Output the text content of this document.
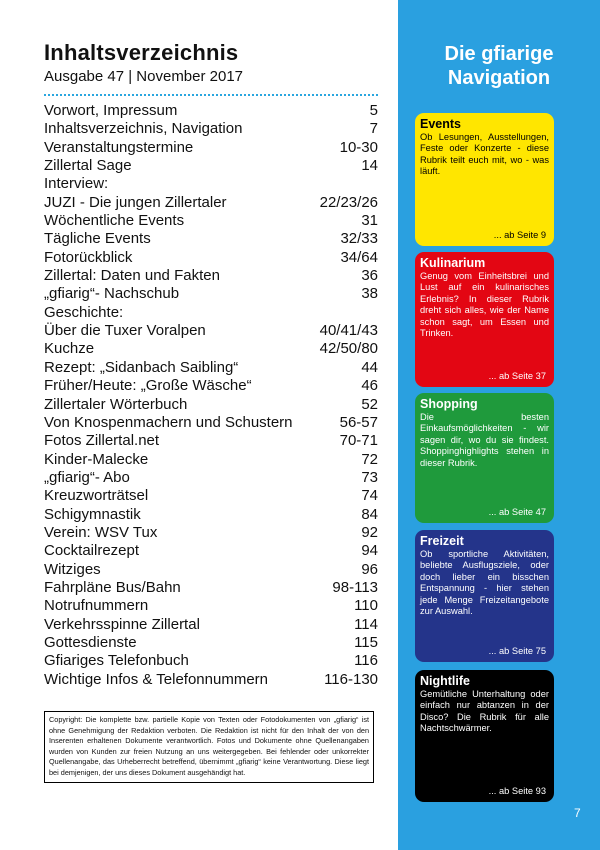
Inhaltsverzeichnis
Ausgabe 47 | November 2017
Vorwort, Impressum	5
Inhaltsverzeichnis, Navigation	7
Veranstaltungstermine	10-30
Zillertal Sage	14
Interview:
JUZI - Die jungen Zillertaler	22/23/26
Wöchentliche Events	31
Tägliche Events	32/33
Fotorückblick	34/64
Zillertal: Daten und Fakten	36
„gfiarig“- Nachschub	38
Geschichte:
Über die Tuxer Voralpen	40/41/43
Kuchze	42/50/80
Rezept: „Sidanbach Saibling“	44
Früher/Heute: „Große Wäsche“	46
Zillertaler Wörterbuch	52
Von Knospenmachern und Schustern	56-57
Fotos Zillertal.net	70-71
Kinder-Malecke	72
„gfiarig“- Abo	73
Kreuzworträtsel	74
Schigymnastik	84
Verein: WSV Tux	92
Cocktailrezept	94
Witziges	96
Fahrpläne Bus/Bahn	98-113
Notrufnummern	110
Verkehrsspinne Zillertal	114
Gottesdienste	115
Gfiariges Telefonbuch	116
Wichtige Infos & Telefonnummern	116-130
Copyright: Die komplette bzw. partielle Kopie von Texten oder Fotodokumenten von „gfiarig“ ist ohne Genehmigung der Redaktion verboten. Die Redaktion ist nicht für den Inhalt der von den Inserenten erhaltenen Dokumente verantwortlich. Fotos und Dokumente ohne Quellenangaben wurden von Kunden zur freien Nutzung an uns weitergegeben. Bei fehlender oder unkorrekter Quellenangabe, das Urheberrecht betreffend, übernimmt „gfiarig“ keine Verantwortung. Diese liegt bei demjenigen, der uns dieses Dokument ausgehändigt hat.
Die gfiarige
Navigation
Events
Ob Lesungen, Ausstellungen, Feste oder Konzerte - diese Rubrik teilt euch mit, wo - was läuft.
... ab Seite 9
Kulinarium
Genug vom Einheitsbrei und Lust auf ein kulinarisches Erlebnis? In dieser Rubrik dreht sich alles, wie der Name schon sagt, um Essen und Trinken.
... ab Seite 37
Shopping
Die besten Einkaufsmöglichkeiten - wir sagen dir, wo du sie findest. Shoppinghighlights stehen in dieser Rubrik.
... ab Seite 47
Freizeit
Ob sportliche Aktivitäten, beliebte Ausflugsziele, oder doch lieber ein bisschen Entspannung - hier stehen jede Menge Freizeitangebote zur Auswahl.
... ab Seite 75
Nightlife
Gemütliche Unterhaltung oder einfach nur abtanzen in der Disco? Die Rubrik für alle Nachtschwärmer.
... ab Seite 93
7
